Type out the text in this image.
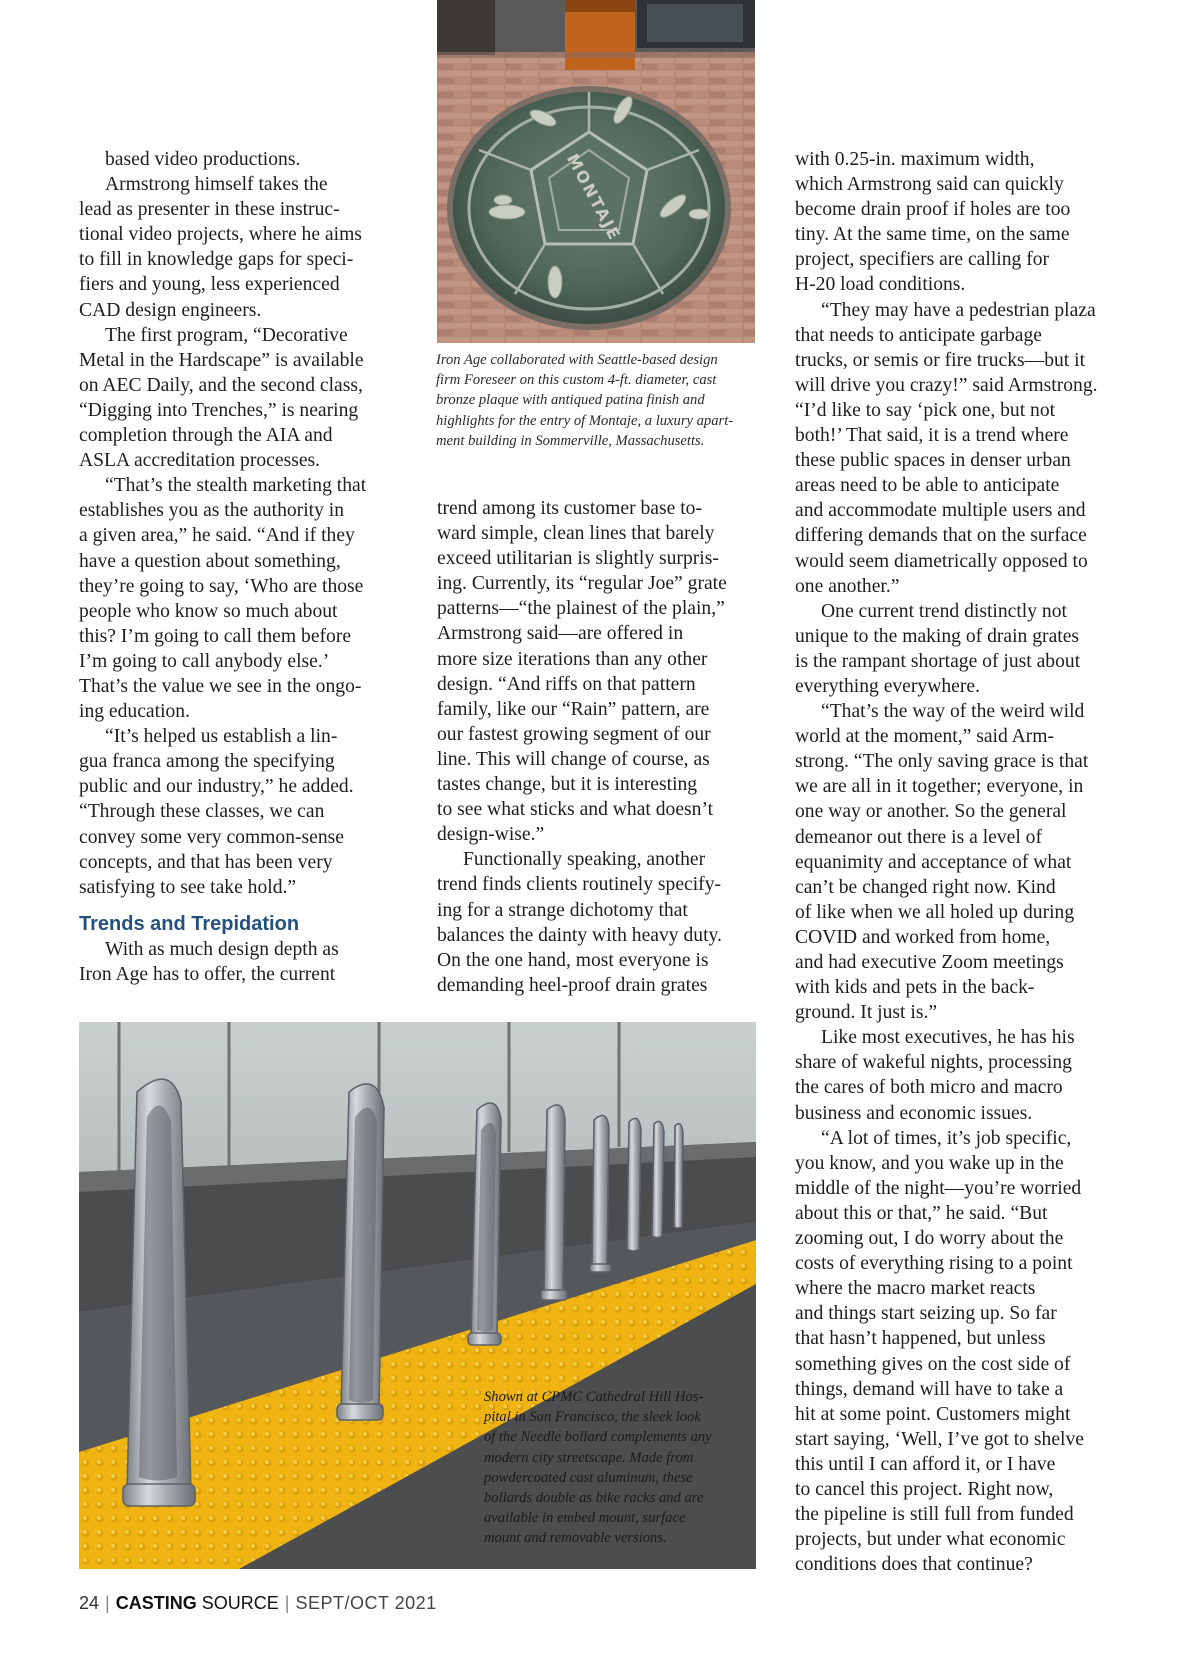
MONTAJE
Iron Age collaborated with Seattle-based design
firm Foreseer on this custom 4-ft. diameter, cast
bronze plaque with antiqued patina finish and
highlights for the entry of Montaje, a luxury apart-
ment building in Sommerville, Massachusetts.
based video productions.
Armstrong himself takes the
lead as presenter in these instruc-
tional video projects, where he aims
to fill in knowledge gaps for speci-
fiers and young, less experienced
CAD design engineers.
The first program, “Decorative
Metal in the Hardscape” is available
on AEC Daily, and the second class,
“Digging into Trenches,” is nearing
completion through the AIA and
ASLA accreditation processes.
“That’s the stealth marketing that
establishes you as the authority in
a given area,” he said. “And if they
have a question about something,
they’re going to say, ‘Who are those
people who know so much about
this? I’m going to call them before
I’m going to call anybody else.’
That’s the value we see in the ongo-
ing education.
“It’s helped us establish a lin-
gua franca among the specifying
public and our industry,” he added.
“Through these classes, we can
convey some very common-sense
concepts, and that has been very
satisfying to see take hold.”
Trends and Trepidation
With as much design depth as
Iron Age has to offer, the current
trend among its customer base to-
ward simple, clean lines that barely
exceed utilitarian is slightly surpris-
ing. Currently, its “regular Joe” grate
patterns—“the plainest of the plain,”
Armstrong said—are offered in
more size iterations than any other
design. “And riffs on that pattern
family, like our “Rain” pattern, are
our fastest growing segment of our
line. This will change of course, as
tastes change, but it is interesting
to see what sticks and what doesn’t
design-wise.”
Functionally speaking, another
trend finds clients routinely specify-
ing for a strange dichotomy that
balances the dainty with heavy duty.
On the one hand, most everyone is
demanding heel-proof drain grates
with 0.25-in. maximum width,
which Armstrong said can quickly
become drain proof if holes are too
tiny. At the same time, on the same
project, specifiers are calling for
H-20 load conditions.
“They may have a pedestrian plaza
that needs to anticipate garbage
trucks, or semis or fire trucks—but it
will drive you crazy!” said Armstrong.
“I’d like to say ‘pick one, but not
both!’ That said, it is a trend where
these public spaces in denser urban
areas need to be able to anticipate
and accommodate multiple users and
differing demands that on the surface
would seem diametrically opposed to
one another.”
One current trend distinctly not
unique to the making of drain grates
is the rampant shortage of just about
everything everywhere.
“That’s the way of the weird wild
world at the moment,” said Arm-
strong. “The only saving grace is that
we are all in it together; everyone, in
one way or another. So the general
demeanor out there is a level of
equanimity and acceptance of what
can’t be changed right now. Kind
of like when we all holed up during
COVID and worked from home,
and had executive Zoom meetings
with kids and pets in the back-
ground. It just is.”
Like most executives, he has his
share of wakeful nights, processing
the cares of both micro and macro
business and economic issues.
“A lot of times, it’s job specific,
you know, and you wake up in the
middle of the night—you’re worried
about this or that,” he said. “But
zooming out, I do worry about the
costs of everything rising to a point
where the macro market reacts
and things start seizing up. So far
that hasn’t happened, but unless
something gives on the cost side of
things, demand will have to take a
hit at some point. Customers might
start saying, ‘Well, I’ve got to shelve
this until I can afford it, or I have
to cancel this project. Right now,
the pipeline is still full from funded
projects, but under what economic
conditions does that continue?
Shown at CPMC Cathedral Hill Hos-
pital in San Francisco, the sleek look
of the Needle bollard complements any
modern city streetscape. Made from
powdercoated cast aluminum, these
bollards double as bike racks and are
available in embed mount, surface
mount and removable versions.
24 | CASTING SOURCE | SEPT/OCT 2021
